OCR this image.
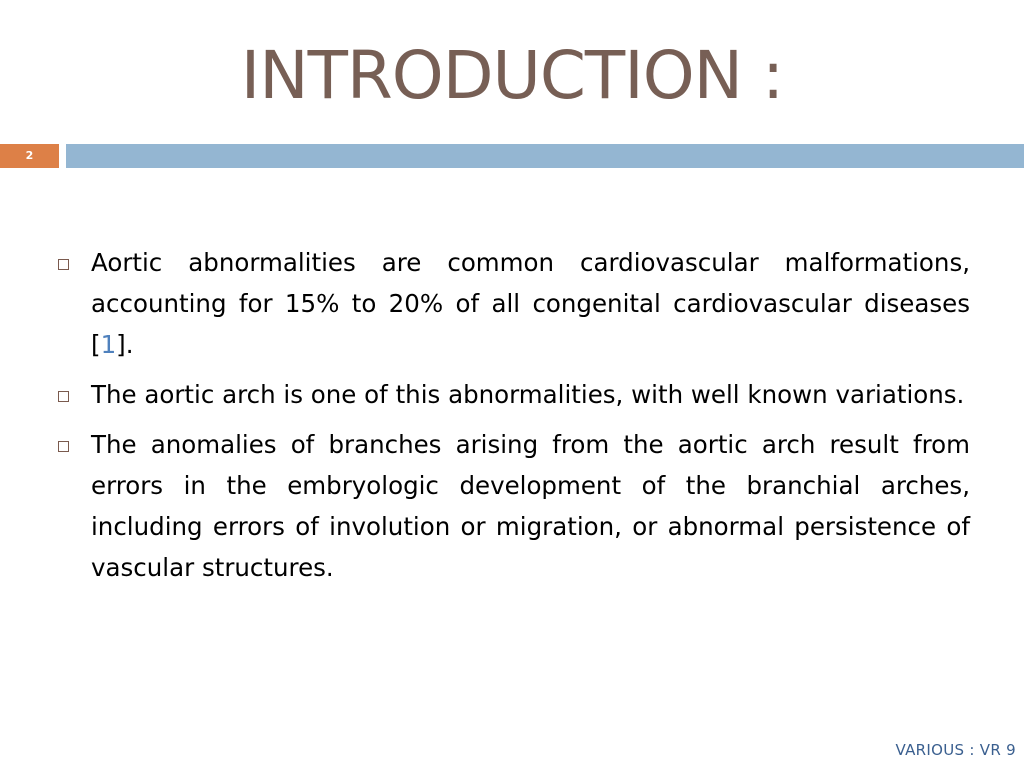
INTRODUCTION :
2
Aortic abnormalities are common cardiovascular malformations, accounting for 15% to 20% of all congenital cardiovascular diseases [1].
The aortic arch is one of this abnormalities, with well known variations.
The anomalies of branches arising from the aortic arch result from errors in the embryologic development of the branchial arches, including errors of involution or migration, or abnormal persistence of vascular structures.
VARIOUS : VR 9
